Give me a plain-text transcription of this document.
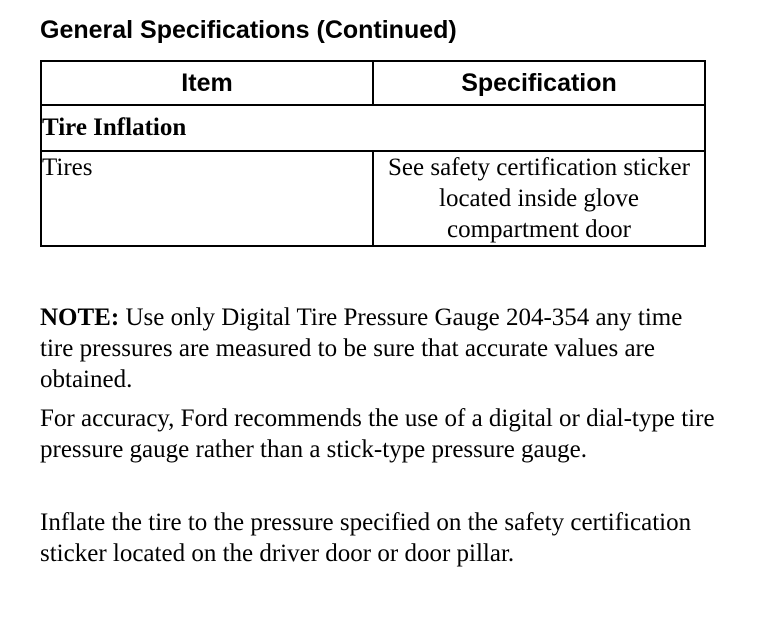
General Specifications (Continued)
Item	Specification
Tire Inflation	
Tires	See safety certification sticker located inside glove compartment door

NOTE: Use only Digital Tire Pressure Gauge 204-354 any time tire pressures are measured to be sure that accurate values are obtained.

For accuracy, Ford recommends the use of a digital or dial-type tire pressure gauge rather than a stick-type pressure gauge.

Inflate the tire to the pressure specified on the safety certification sticker located on the driver door or door pillar.
